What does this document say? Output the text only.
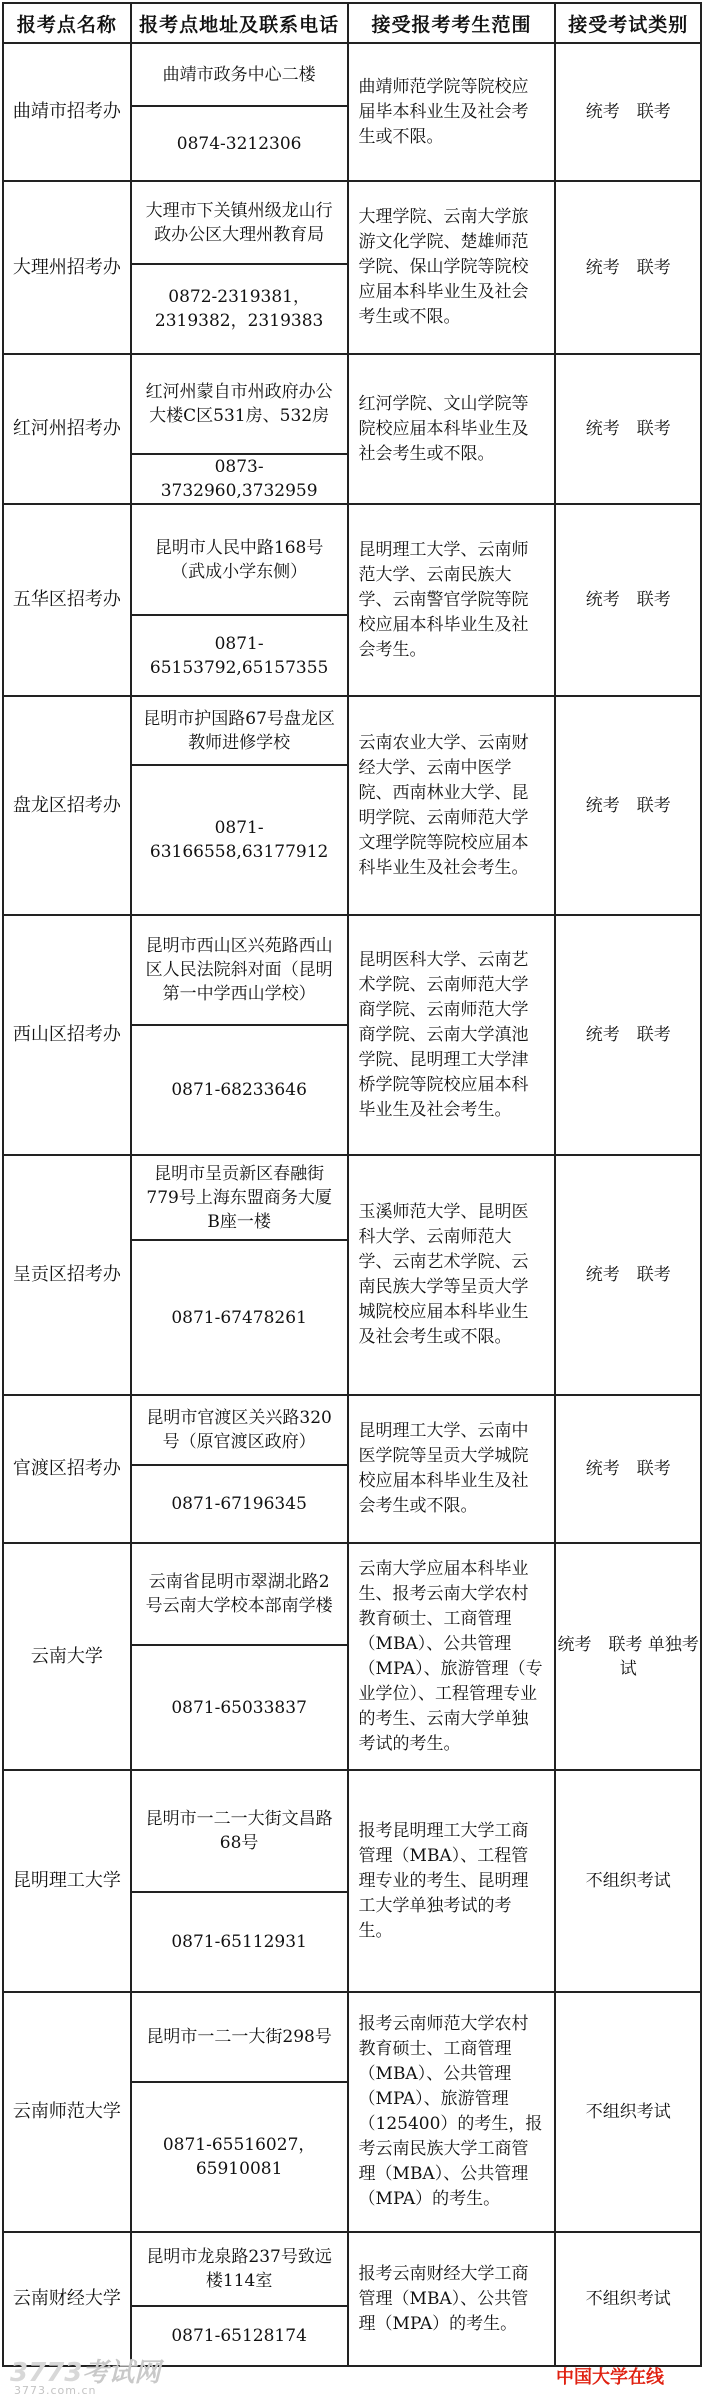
报考点名称	报考点地址及联系电话	接受报考考生范围	接受考试类别
曲靖市招考办	曲靖市政务中心二楼	曲靖师范学院等院校应届毕本科业生及社会考生或不限。	统考　联考
	0874-3212306		
大理州招考办	大理市下关镇州级龙山行政办公区大理州教育局	大理学院、云南大学旅游文化学院、楚雄师范学院、保山学院等院校应届本科毕业生及社会考生或不限。	统考　联考
	0872-2319381，2319382，2319383		
红河州招考办	红河州蒙自市州政府办公大楼C区531房、532房	红河学院、文山学院等院校应届本科毕业生及社会考生或不限。	统考　联考
	0873-3732960,3732959		
五华区招考办	昆明市人民中路168号（武成小学东侧）	昆明理工大学、云南师范大学、云南民族大学、云南警官学院等院校应届本科毕业生及社会考生。	统考　联考
	0871-65153792,65157355		
盘龙区招考办	昆明市护国路67号盘龙区教师进修学校	云南农业大学、云南财经大学、云南中医学院、西南林业大学、昆明学院、云南师范大学文理学院等院校应届本科毕业生及社会考生。	统考　联考
	0871-63166558,63177912		
西山区招考办	昆明市西山区兴苑路西山区人民法院斜对面（昆明第一中学西山学校）	昆明医科大学、云南艺术学院、云南师范大学商学院、云南师范大学商学院、云南大学滇池学院、昆明理工大学津桥学院等院校应届本科毕业生及社会考生。	统考　联考
	0871-68233646		
呈贡区招考办	昆明市呈贡新区春融街779号上海东盟商务大厦B座一楼	玉溪师范大学、昆明医科大学、云南师范大学、云南艺术学院、云南民族大学等呈贡大学城院校应届本科毕业生及社会考生或不限。	统考　联考
	0871-67478261		
官渡区招考办	昆明市官渡区关兴路320号（原官渡区政府）	昆明理工大学、云南中医学院等呈贡大学城院校应届本科毕业生及社会考生或不限。	统考　联考
	0871-67196345		
云南大学	云南省昆明市翠湖北路2号云南大学校本部南学楼	云南大学应届本科毕业生、报考云南大学农村教育硕士、工商管理（MBA）、公共管理（MPA）、旅游管理（专业学位）、工程管理专业的考生、云南大学单独考试的考生。	统考　联考 单独考试
	0871-65033837		
昆明理工大学	昆明市一二一大街文昌路68号	报考昆明理工大学工商管理（MBA）、工程管理专业的考生、昆明理工大学单独考试的考生。	不组织考试
	0871-65112931		
云南师范大学	昆明市一二一大街298号	报考云南师范大学农村教育硕士、工商管理（MBA）、公共管理（MPA）、旅游管理（125400）的考生，报考云南民族大学工商管理（MBA）、公共管理（MPA）的考生。	不组织考试
	0871-65516027，65910081		
云南财经大学	昆明市龙泉路237号致远楼114室	报考云南财经大学工商管理（MBA）、公共管理（MPA）的考生。	不组织考试
	0871-65128174		
3773考试网
3773.com.cn
中国大学在线
